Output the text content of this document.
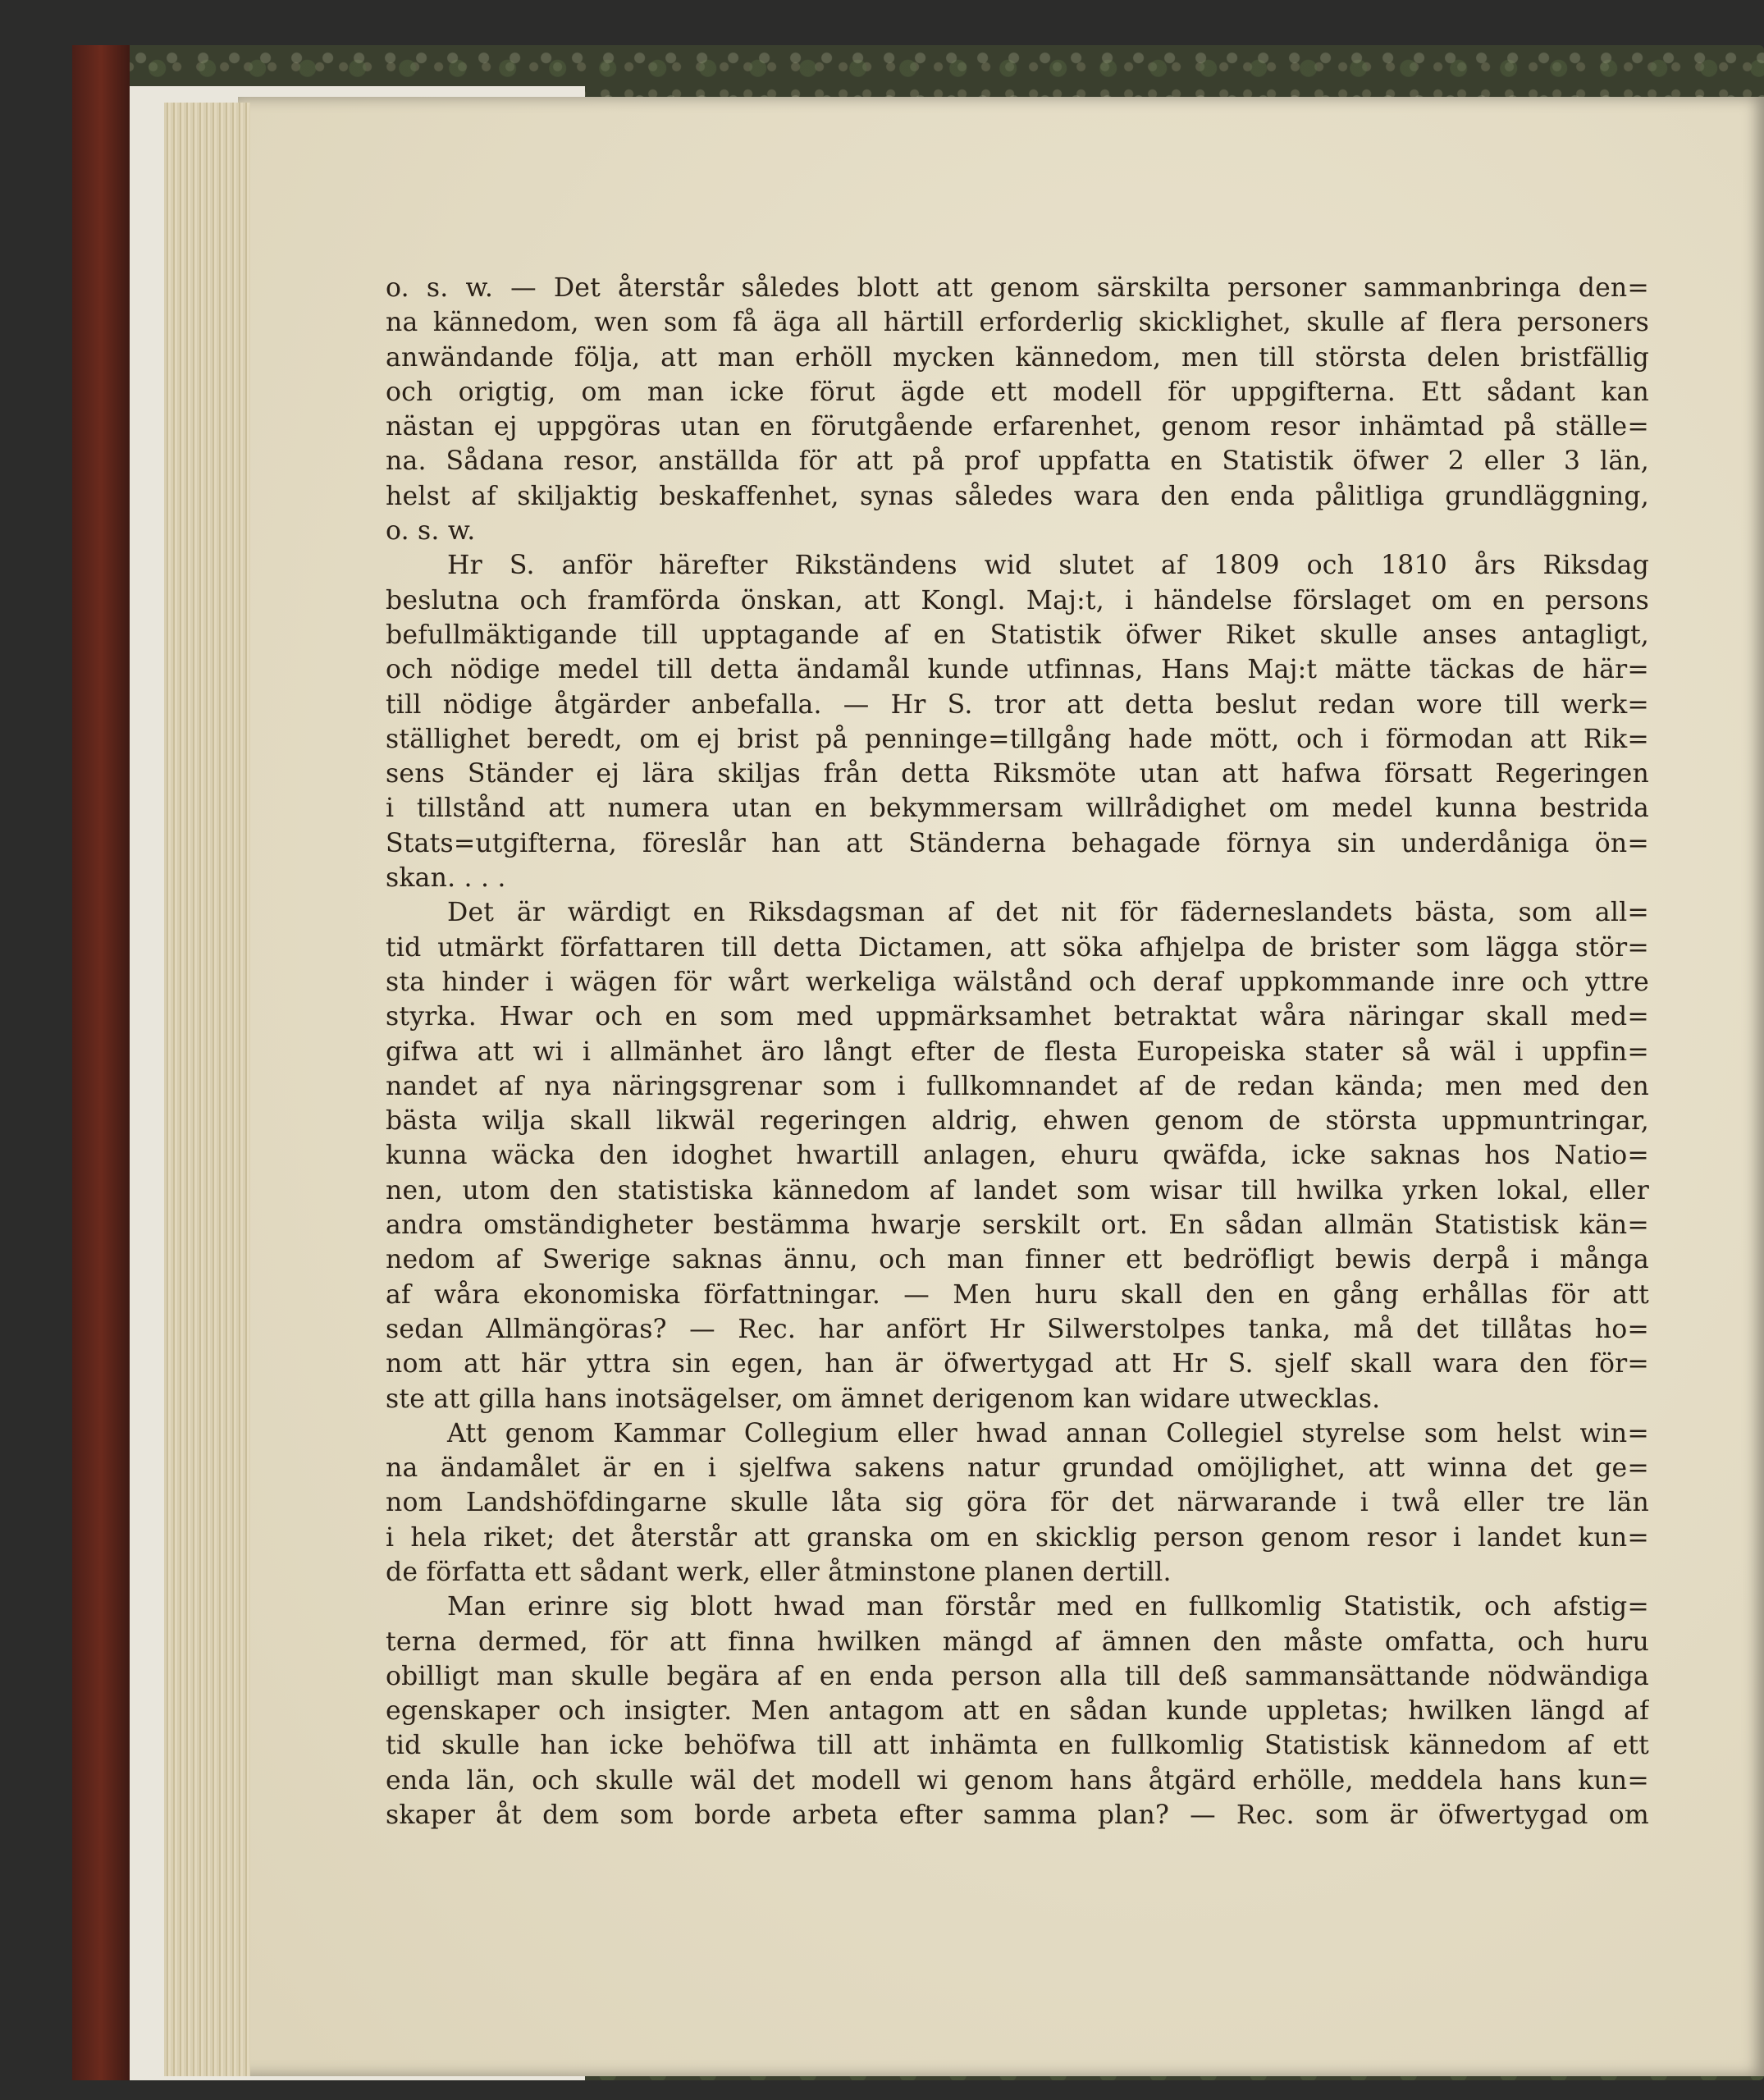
o. s. w. — Det återstår således blott att genom särskilta personer sammanbringa den=
na kännedom, wen som få äga all härtill erforderlig skicklighet, skulle af flera personers
anwändande följa, att man erhöll mycken kännedom, men till största delen bristfällig
och origtig, om man icke förut ägde ett modell för uppgifterna. Ett sådant kan
nästan ej uppgöras utan en förutgående erfarenhet, genom resor inhämtad på ställe=
na. Sådana resor, anställda för att på prof uppfatta en Statistik öfwer 2 eller 3 län,
helst af skiljaktig beskaffenhet, synas således wara den enda pålitliga grundläggning,
o. s. w.
Hr S. anför härefter Rikständens wid slutet af 1809 och 1810 års Riksdag
beslutna och framförda önskan, att Kongl. Maj:t, i händelse förslaget om en persons
befullmäktigande till upptagande af en Statistik öfwer Riket skulle anses antagligt,
och nödige medel till detta ändamål kunde utfinnas, Hans Maj:t mätte täckas de här=
till nödige åtgärder anbefalla. — Hr S. tror att detta beslut redan wore till werk=
ställighet beredt, om ej brist på penninge=tillgång hade mött, och i förmodan att Rik=
sens Ständer ej lära skiljas från detta Riksmöte utan att hafwa försatt Regeringen
i tillstånd att numera utan en bekymmersam willrådighet om medel kunna bestrida
Stats=utgifterna, föreslår han att Ständerna behagade förnya sin underdåniga ön=
skan. . . .
Det är wärdigt en Riksdagsman af det nit för fäderneslandets bästa, som all=
tid utmärkt författaren till detta Dictamen, att söka afhjelpa de brister som lägga stör=
sta hinder i wägen för wårt werkeliga wälstånd och deraf uppkommande inre och yttre
styrka. Hwar och en som med uppmärksamhet betraktat wåra näringar skall med=
gifwa att wi i allmänhet äro långt efter de flesta Europeiska stater så wäl i uppfin=
nandet af nya näringsgrenar som i fullkomnandet af de redan kända; men med den
bästa wilja skall likwäl regeringen aldrig, ehwen genom de största uppmuntringar,
kunna wäcka den idoghet hwartill anlagen, ehuru qwäfda, icke saknas hos Natio=
nen, utom den statistiska kännedom af landet som wisar till hwilka yrken lokal, eller
andra omständigheter bestämma hwarje serskilt ort. En sådan allmän Statistisk kän=
nedom af Swerige saknas ännu, och man finner ett bedröfligt bewis derpå i många
af wåra ekonomiska författningar. — Men huru skall den en gång erhållas för att
sedan Allmängöras? — Rec. har anfört Hr Silwerstolpes tanka, må det tillåtas ho=
nom att här yttra sin egen, han är öfwertygad att Hr S. sjelf skall wara den för=
ste att gilla hans inotsägelser, om ämnet derigenom kan widare utwecklas.
Att genom Kammar Collegium eller hwad annan Collegiel styrelse som helst win=
na ändamålet är en i sjelfwa sakens natur grundad omöjlighet, att winna det ge=
nom Landshöfdingarne skulle låta sig göra för det närwarande i twå eller tre län
i hela riket; det återstår att granska om en skicklig person genom resor i landet kun=
de författa ett sådant werk, eller åtminstone planen dertill.
Man erinre sig blott hwad man förstår med en fullkomlig Statistik, och afstig=
terna dermed, för att finna hwilken mängd af ämnen den måste omfatta, och huru
obilligt man skulle begära af en enda person alla till deß sammansättande nödwändiga
egenskaper och insigter. Men antagom att en sådan kunde uppletas; hwilken längd af
tid skulle han icke behöfwa till att inhämta en fullkomlig Statistisk kännedom af ett
enda län, och skulle wäl det modell wi genom hans åtgärd erhölle, meddela hans kun=
skaper åt dem som borde arbeta efter samma plan? — Rec. som är öfwertygad om
